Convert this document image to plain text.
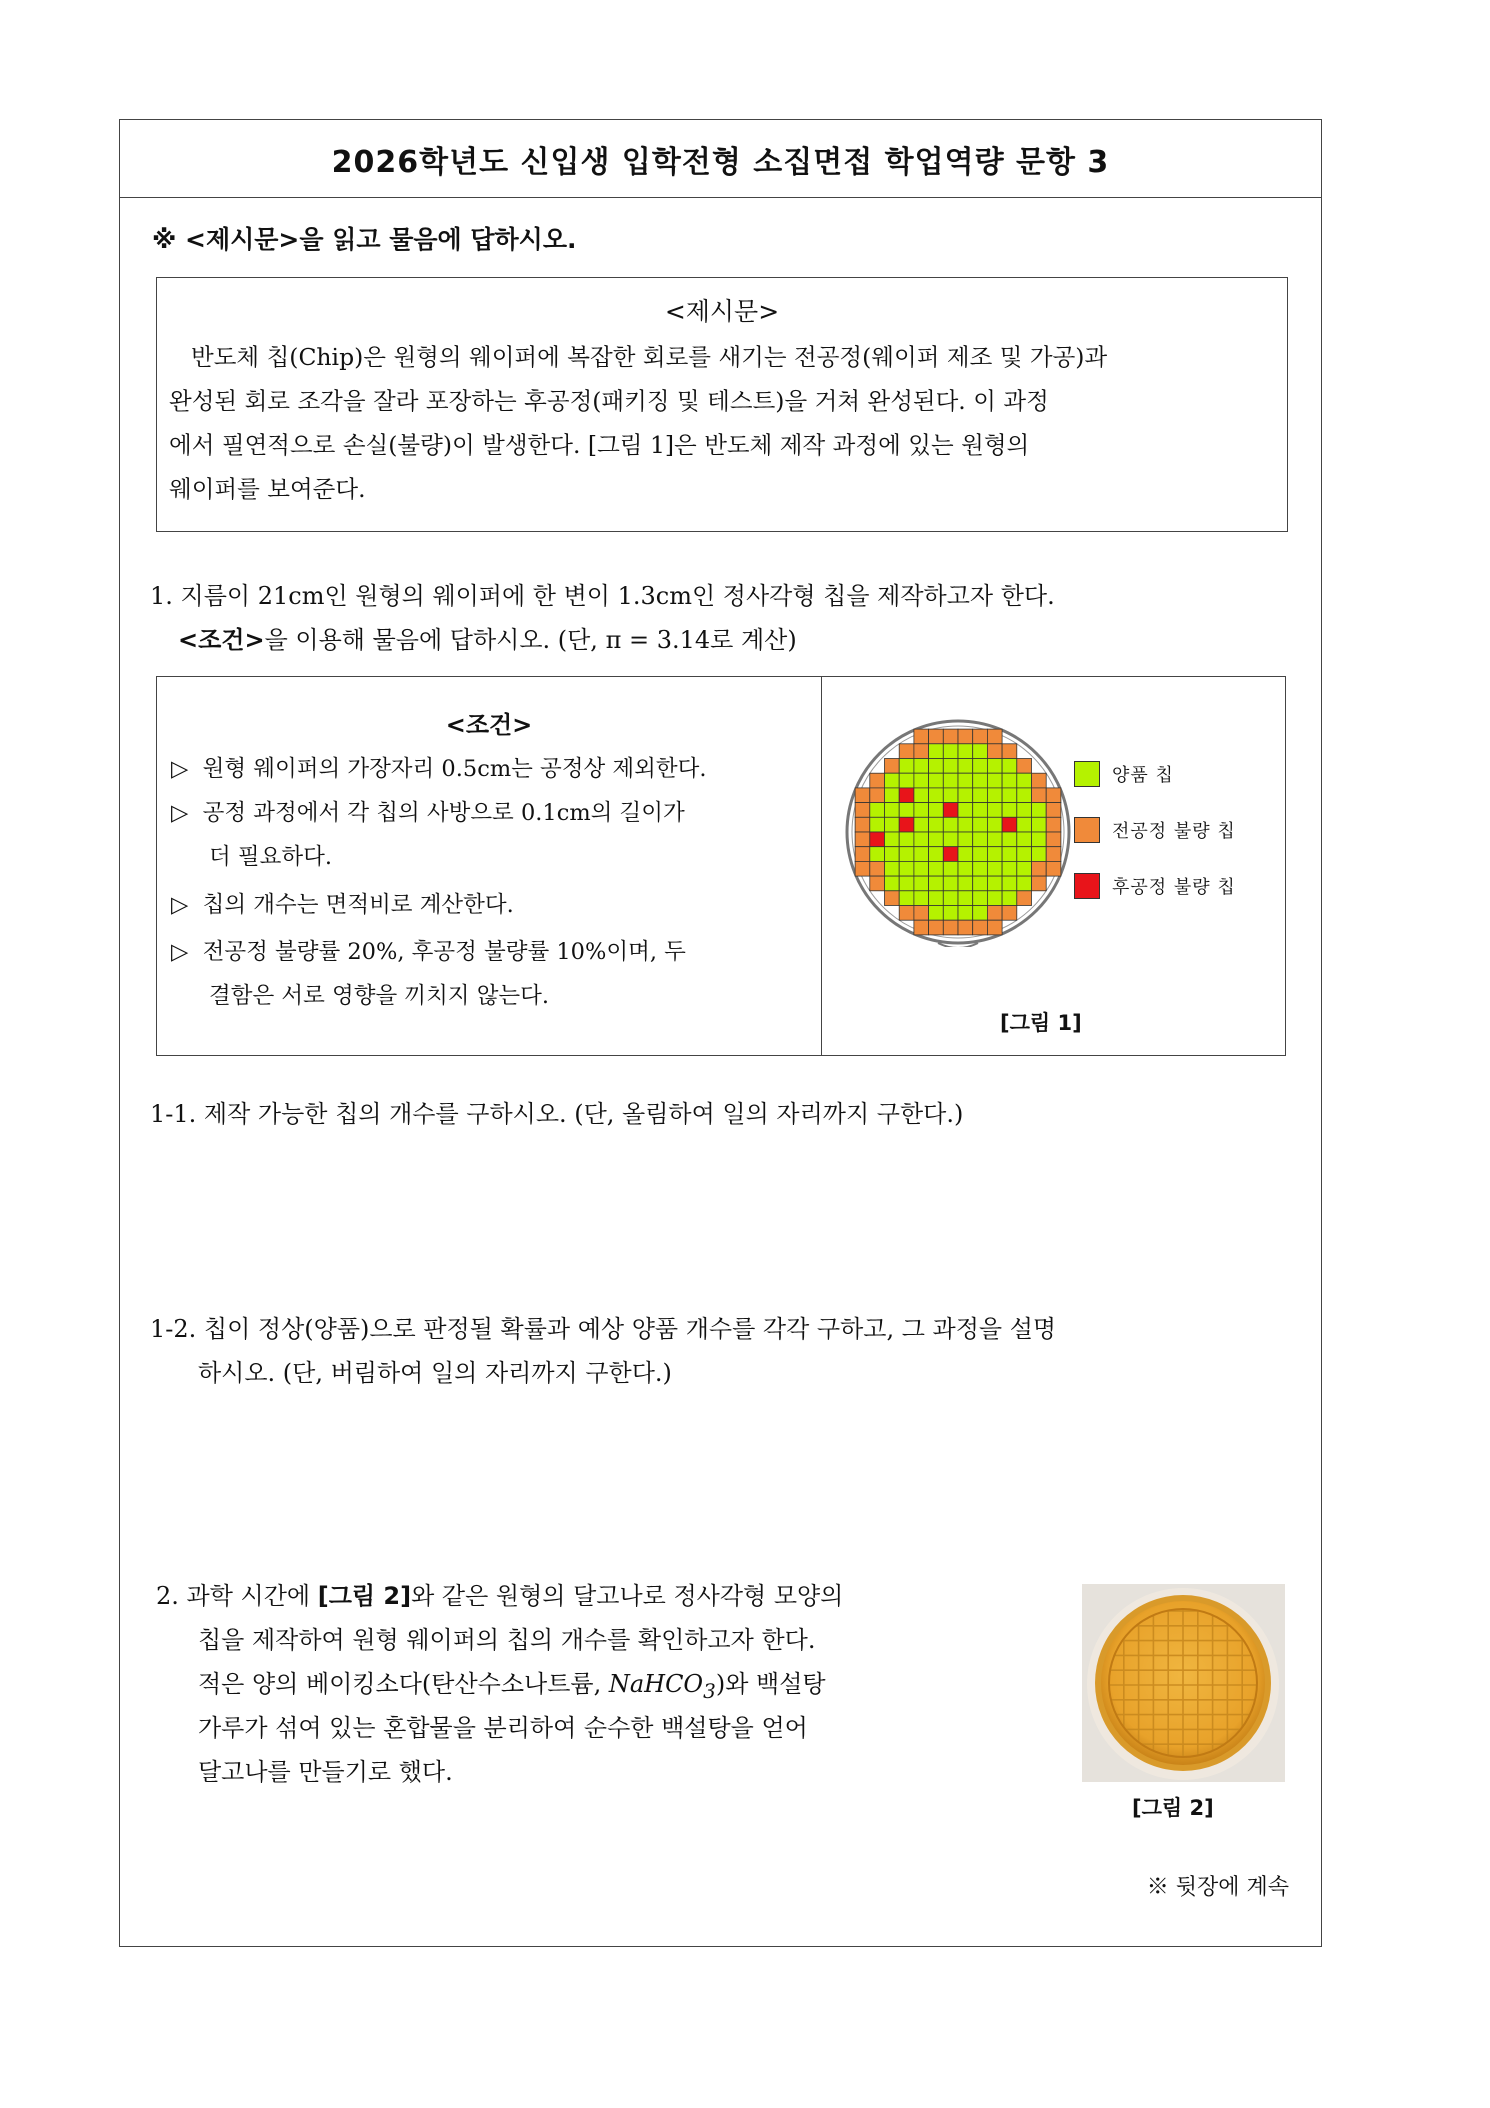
2026학년도 신입생 입학전형 소집면접 학업역량 문항 3
※ <제시문>을 읽고 물음에 답하시오.
<제시문>
반도체 칩(Chip)은 원형의 웨이퍼에 복잡한 회로를 새기는 전공정(웨이퍼 제조 및 가공)과
완성된 회로 조각을 잘라 포장하는 후공정(패키징 및 테스트)을 거쳐 완성된다. 이 과정
에서 필연적으로 손실(불량)이 발생한다. [그림 1]은 반도체 제작 과정에 있는 원형의
웨이퍼를 보여준다.
1. 지름이 21cm인 원형의 웨이퍼에 한 변이 1.3cm인 정사각형 칩을 제작하고자 한다.
<조건>을 이용해 물음에 답하시오. (단, π = 3.14로 계산)
<조건>
▷ 원형 웨이퍼의 가장자리 0.5cm는 공정상 제외한다.
▷ 공정 과정에서 각 칩의 사방으로 0.1cm의 길이가
더 필요하다.
▷ 칩의 개수는 면적비로 계산한다.
▷ 전공정 불량률 20%, 후공정 불량률 10%이며, 두
결함은 서로 영향을 끼치지 않는다.
양품 칩
전공정 불량 칩
후공정 불량 칩
[그림 1]
1-1. 제작 가능한 칩의 개수를 구하시오. (단, 올림하여 일의 자리까지 구한다.)
1-2. 칩이 정상(양품)으로 판정될 확률과 예상 양품 개수를 각각 구하고, 그 과정을 설명
하시오. (단, 버림하여 일의 자리까지 구한다.)
2. 과학 시간에 [그림 2]와 같은 원형의 달고나로 정사각형 모양의
칩을 제작하여 원형 웨이퍼의 칩의 개수를 확인하고자 한다.
적은 양의 베이킹소다(탄산수소나트륨, NaHCO$_3$)와 백설탕
가루가 섞여 있는 혼합물을 분리하여 순수한 백설탕을 얻어
달고나를 만들기로 했다.
[그림 2]
※ 뒷장에 계속
